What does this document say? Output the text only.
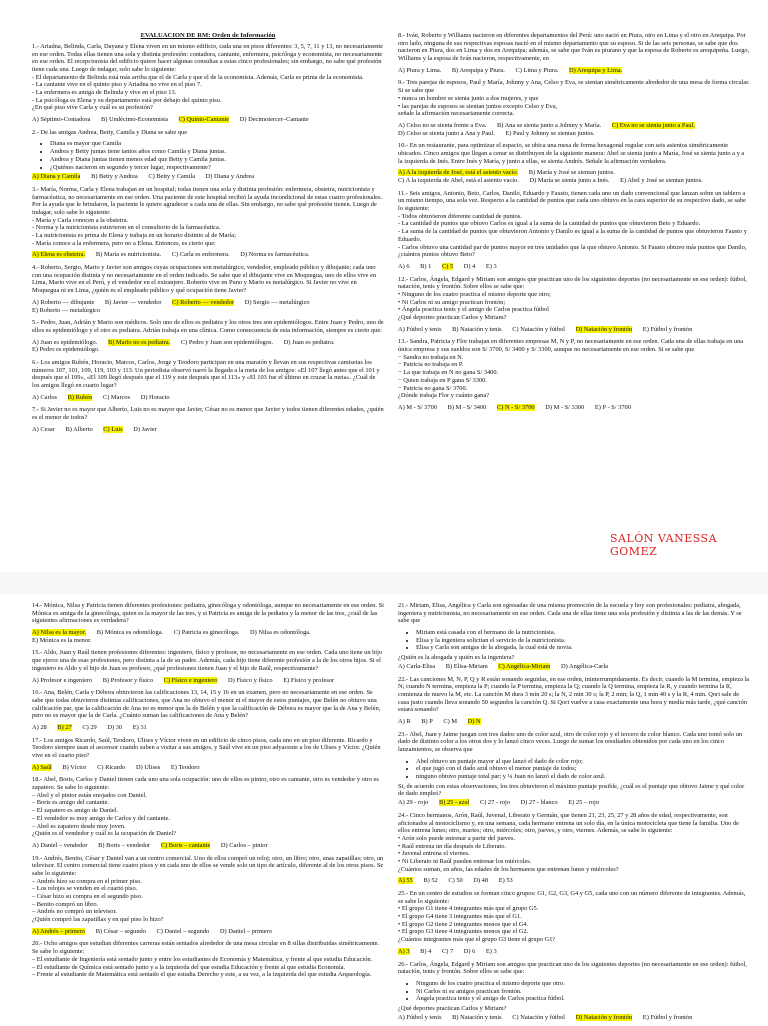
EVALUACION DE RM: Orden de Información
1.- Ariadna, Belinda, Carla, Dayana y Elena viven en un mismo edificio, cada una en pisos diferentes: 3, 5, 7, 11 y 13, no necesariamente en ese orden. Todas ellas tienen una sola y distinta profesión: contadora, cantante, enfermera, psicóloga y economista, no necesariamente en ese orden. El recepcionista del edificio quiere hacer algunas consultas a estas cinco profesionales; sin embargo, no sabe qué profesión tiene cada una. Luego de indagar, solo sabe lo siguiente:
- El departamento de Belinda está más arriba que el de Carla y que el de la economista. Además, Carla es prima de la economista.
- La cantante vive en el quinto piso y Ariadna no vive en el piso 7.
- La enfermera es amiga de Belinda y vive en el piso 13.
- La psicóloga es Elena y su departamento está por debajo del quinto piso.
¿En qué piso vive Carla y cuál es su profesión?
A) Séptimo-Contadora B) Undécimo-Economista C) Quinto-Cantante D) Decimotercer–Cantante
2.- De las amigas Andrea, Betty, Camila y Diana se sabe que
• Diana es mayor que Camila
• Andrea y Betty juntas tiene tantos años como Camila y Diana juntas.
• Andrea y Diana juntas tienen menos edad que Betty y Camila juntas.
• ¿Quiénes nacieron en segundo y tercer lugar, respectivamente?
A) Diana y Camila B) Betty y Andrea C) Betty y Camila D) Diana y Andrea
3.- María, Norma, Carla y Elena trabajan en un hospital; todas tienen una sola y distinta profesión: enfermera, obstetra, nutricionista y farmacéutica, no necesariamente en ese orden. Una paciente de este hospital recibió la ayuda incondicional de estas cuatro profesionales. Por la ayuda que le brindaron, la paciente le quiere agradecer a cada una de ellas. Sin embargo, no sabe qué profesión tienen. Luego de indagar, solo sabe lo siguiente:
- María y Carla conocen a la obstetra.
- Norma y la nutricionista estuvieron en el consultorio de la farmacéutica.
- La nutricionista es prima de Elena y trabaja en un horario distinto al de María;
- María conoce a la enfermera, pero no a Elena. Entonces, es cierto que:
A) Elena es obstetra. B) María es nutricionista. C) Carla es enfermera. D) Norma es farmacéutica.
4.- Roberto, Sergio, Mario y Javier son amigos cuyas ocupaciones son metalúrgico, vendedor, empleado público y dibujante; cada uno con una ocupación distinta y no necesariamente en el orden indicado. Se sabe que el dibujante vive en Moquegua, uno de ellos vive en Lima, Mario vive en el Perú, y el vendedor en el extranjero. Roberto vive en Puno y Mario es metalúrgico. Si Javier no vive en Moquegua ni en Lima, ¿quién es el empleado público y qué ocupación tiene Javier?
A) Roberto — dibujante B) Javier — vendedor C) Roberto — vendedor D) Sergio — metalúrgico E) Roberto — metalúrgico
5.- Pedro, Juan, Adrián y Mario son médicos. Solo uno de ellos es pediatra y los otros tres son epidemiólogos. Entre Juan y Pedro, uno de ellos es epidemiólogo y el otro es pediatra. Adrián trabaja en una clínica. Como consecuencia de esta información, siempre es cierto que:
A) Juan es epidemiólogo. B) Mario no es pediatra. C) Pedro y Juan son epidemiólogos. D) Juan es pediatra. E) Pedro es epidemiólogo.
6.- Los amigos Rubén, Horacio, Marcos, Carlos, Jorge y Teodoro participan en una maratón y llevan en sus respectivas camisetas los números 107, 101, 109, 119, 103 y 113. Un periodista observó narró la llegada a la meta de los amigos: «El 107 llegó antes que el 101 y después que el 109», «El 109 llegó después que el 119 y este después que el 113» y «El 103 fue el último en cruzar la meta». ¿Cuál de los amigos llegó en cuarto lugar?
A) Carlos B) Rubén C) Marcos D) Horacio
7.- Si Javier no es mayor que Alberto, Luis no es mayor que Javier, César no es menor que Javier y todos tienen diferentes edades, ¿quién es el menor de todos?
A) Cesar B) Alberto C) Luis D) Javier
8.- Iván, Roberto y Williams nacieron en diferentes departamentos del Perú: uno nació en Piura, otro en Lima y el otro en Arequipa. Por otro lado, ninguna de sus respectivas esposas nació en el mismo departamento que su esposo. Si de las seis personas, se sabe que dos nacieron en Piura, dos en Lima y dos en Arequipa; además, se sabe que Iván es piurano y que la esposa de Roberto es arequipeña. Luego, Williams y la esposa de Iván nacieron, respectivamente, en
A) Piura y Lima. B) Arequipa y Piura. C) Lima y Piura. D) Arequipa y Lima.
9.- Tres parejas de esposos, Paul y María, Johnny y Ana, Celso y Eva, se sientan simétricamente alrededor de una mesa de forma circular. Si se sabe que
• nunca un hombre se sienta junto a dos mujeres, y que
• las parejas de esposos se sientan juntos excepto Celso y Eva,
señale la afirmación necesariamente correcta.
A) Celso no se sienta frente a Eva. B) Ana se sienta junto a Johnny y María. C) Eva no se sienta junto a Paul. D) Celso se sienta junto a Ana y Paul. E) Paul y Johnny se sientan juntos.
10.- En un restaurante, para optimizar el espacio, se ubica una mesa de forma hexagonal regular con seis asientos simétricamente ubicados. Cinco amigos que llegan a cenar se distribuyen de la siguiente manera: Abel se sienta junto a María, José se sienta junto a y a la izquierda de Inés. Entre Inés y María, y junto a ellas, se sienta Andrés. Señale la afirmación verdadera.
A) A la izquierda de José, está el asiento vacío. B) María y José se sientan juntos. C) A la izquierda de Abel, está el asiento vacío. D) María se sienta junto a Inés. E) Abel y José se sientan juntos.
11.- Seis amigos, Antonio, Beto, Carlos, Danilo, Eduardo y Fausto, tienen cada uno un dado convencional que lanzan sobre un tablero a un mismo tiempo, una sola vez. Respecto a la cantidad de puntos que cada uno obtuvo en la cara superior de su respectivo dado, se sabe lo siguiente:
- Todos obtuvieron diferente cantidad de puntos.
- La cantidad de puntos que obtuvo Carlos es igual a la suma de la cantidad de puntos que obtuvieron Beto y Eduardo.
- La suma de la cantidad de puntos que obtuvieron Antonio y Danilo es igual a la suma de la cantidad de puntos que obtuvieron Fausto y Eduardo.
- Carlos obtuvo una cantidad par de puntos mayor en tres unidades que la que obtuvo Antonio. Si Fausto obtuvo más puntos que Danilo, ¿cuántos puntos obtuvo Beto?
A) 6 B) 1 C) 5 D) 4 E) 3
12.- Carlos, Ángela, Edgard y Miriam son amigos que practican uno de los siguientes deportes (no necesariamente en ese orden): fútbol, natación, tenis y frontón. Sobre ellos se sabe que:
• Ninguno de los cuatro practica el mismo deporte que otro;
• Ni Carlos ni su amigo practican frontón;
• Ángela practica tenis y el amigo de Carlos practica fútbol
¿Qué deportes practican Carlos y Miriam?
A) Fútbol y tenis B) Natación y tenis C) Natación y fútbol D) Natación y frontón E) Fútbol y frontón
13.- Sandra, Patricia y Flor trabajan en diferentes empresas M, N y P, no necesariamente en ese orden. Cada una de ellas trabaja en una única empresa y sus sueldos son S/ 3700, S/ 3400 y S/ 3300, aunque no necesariamente en ese orden. Si se sabe que
− Sandra no trabaja en N.
− Patricia no trabaja en P.
− La que trabaja en N no gana S/ 3400.
− Quien trabaja en P gana S/ 3300.
− Patricia no gana S/ 3700.
¿Dónde trabaja Flor y cuánto gana?
A) M - S/ 3700 B) M - S/ 3400 C) N - S/ 3700 D) M - S/ 3300 E) P - S/ 3700
SALÓN VANESSA GOMEZ
14.- Mónica, Nilsa y Patricia tienen diferentes profesiones: pediatra, ginecóloga y odontóloga, aunque no necesariamente en ese orden. Si Mónica es amiga de la ginecóloga, quien es la mayor de las tres, y si Patricia es amiga de la pediatra y la menor de las tres, ¿cuál de las siguientes afirmaciones es verdadera?
A) Nilsa es la mayor. B) Mónica es odontóloga. C) Patricia es ginecóloga. D) Nilsa es odontóloga. E) Mónica es la menor.
15.- Aldo, Juan y Raúl tienen profesiones diferentes: ingeniero, físico y profesor, no necesariamente en ese orden. Cada uno tiene un hijo que ejerce una de esas profesiones, pero distinta a la de su padre. Además, cada hijo tiene diferente profesión a la de los otros hijos. Si el ingeniero es Aldo y el hijo de Juan es profesor, ¿qué profesiones tienen Juan y el hijo de Raúl, respectivamente?
A) Profesor e ingeniero B) Profesor y físico C) Físico e ingeniero D) Físico y físico E) Físico y profesor
16.- Ana, Belén, Carla y Débora obtuvieron las calificaciones 13, 14, 15 y 16 en un examen, pero no necesariamente en ese orden. Se sabe que todas obtuvieron distintas calificaciones, que Ana no obtuvo el menor ni el mayor de estos puntajes, que Belén no obtuvo una calificación par, que la calificación de Ana no es menor que la de Belén y que la calificación de Débora es mayor que la de Ana y Belén, pero no es mayor que la de Carla. ¿Cuánto suman las calificaciones de Ana y Belén?
A) 28 B) 27 C) 29 D) 30 E) 31
17.- Los amigos Ricardo, Saúl, Teodoro, Ulises y Víctor viven en un edificio de cinco pisos, cada uno en un piso diferente. Ricardo y Teodoro siempre usan el ascensor cuando suben a visitar a sus amigos, y Saúl vive en un piso adyacente a los de Ulises y Víctor. ¿Quién vive en el cuarto piso?
A) Saúl B) Víctor C) Ricardo D) Ulises E) Teodoro
18.- Abel, Boris, Carlos y Daniel tienen cada uno una sola ocupación: uno de ellos es pintor, otro es cantante, otro es vendedor y otro es zapatero. Se sabe lo siguiente:
– Abel y el pintor están enojados con Daniel.
– Boris es amigo del cantante.
– El zapatero es amigo de Daniel.
– El vendedor es muy amigo de Carlos y del cantante.
– Abel es zapatero desde muy joven.
¿Quién es el vendedor y cuál es la ocupación de Daniel?
A) Daniel – vendedor B) Boris – vendedor C) Boris – cantante D) Carlos – pintor
19.- Andrés, Benito, César y Daniel van a un centro comercial. Uno de ellos compró un reloj; otro, un libro; otro, unas zapatillas; otro, un televisor. El centro comercial tiene cuatro pisos y en cada uno de ellos se vende solo un tipo de artículo, diferente al de los otros pisos. Se sabe lo siguiente:
– Andrés hizo su compra en el primer piso.
– Los relojes se venden en el cuarto piso.
– César hizo su compra en el segundo piso.
– Benito compró un libro.
– Andrés no compró un televisor.
¿Quién compró las zapatillas y en qué piso lo hizo?
A) Andrés – primero B) César – segundo C) Daniel – segundo D) Daniel – primero
20.- Ocho amigos que estudian diferentes carreras están sentados alrededor de una mesa circular en 8 sillas distribuidas simétricamente. Se sabe lo siguiente:
– El estudiante de Ingeniería está sentado junto y entre los estudiantes de Economía y Matemática, y frente al que estudia Educación.
– El estudiante de Química está sentado junto y a la izquierda del que estudia Educación y frente al que estudia Economía.
– Frente al estudiante de Matemática está sentado el que estudia Derecho y este, a su vez, a la izquierda del que estudia Arqueología.
21.- Miriam, Elisa, Angélica y Carla son egresadas de una misma promoción de la escuela y hoy son profesionales: pediatra, abogada, ingeniera y nutricionista, no necesariamente en ese orden. Cada una de ellas tiene una sola profesión y distinta a las de las demás. Y se sabe que
• Miriam está casada con el hermano de la nutricionista.
• Elisa y la ingeniera solicitan el servicio de la nutricionista.
• Elisa y Carla son amigas de la abogada, la cual está de novia.
¿Quién es la abogada y quién es la ingeniera?
A) Carla-Elisa B) Elisa-Miriam C) Angélica-Miriam D) Angélica-Carla
22.- Las canciones M, N, P, Q y R están sonando seguidas, en ese orden, ininterrumpidamente. Es decir, cuando la M termina, empieza la N; cuando N termina, empieza la P; cuando la P termina, empieza la Q; cuando la Q termina, empieza la R, y cuando termina la R, comienza de nuevo la M, etc. La canción M dura 3 min 20 s; la N, 2 min 30 s; la P, 2 min; la Q, 1 min 40 s y la R, 4 min. Qori sale de casa justo cuando lleva sonando 50 segundos la canción Q. Si Qori vuelve a casa exactamente una hora y media más tarde, ¿qué canción estará sonando?
A) R B) P C) M D) N
23.- Abel, Juan y Jaime juegan con tres dados uno de color azul, otro de color rojo y el tercero de color blanco. Cada uno tomó solo un dado de distinto color a los otros dos y lo lanzó cinco veces. Luego de sumar los resultados obtenidos por cada uno en los cinco lanzamientos, se observa que
• Abel obtuvo un puntaje mayor al que lanzó el dado de color rojo;
• el que jugó con el dado azul obtuvo el menor puntaje de todos;
• ninguno obtuvo puntaje total par; y ¼ Juan no lanzó el dado de color azul.
Si, de acuerdo con estas observaciones, los tres obtuvieron el máximo puntaje posible, ¿cuál es el puntaje que obtuvo Jaime y qué color de dado empleó?
A) 29 - rojo B) 25 - azul C) 27 - rojo D) 27 - blanco E) 25 – rojo
24.- Cinco hermanos, Arón, Raúl, Juvenal, Liberato y Germán, que tienen 21, 23, 25, 27 y 28 años de edad, respectivamente, son aficionados al motociclismo y, en una semana, cada hermano entrena un solo día, en la única motocicleta que tiene la familia. Uno de ellos entrena lunes; otro, martes; otro, miércoles; otro, jueves, y otro, viernes. Además, se sabe lo siguiente:
• Arón solo puede entrenar a partir del jueves.
• Raúl entrena un día después de Liberato.
• Juvenal entrena el viernes.
• Ni Liberato ni Raúl pueden entrenar los miércoles.
¿Cuántos suman, en años, las edades de los hermanos que entrenan lunes y miércoles?
A) 55 B) 52 C) 50 D) 48 E) 53
25.- En un centro de estudios se forman cinco grupos: G1, G2, G3, G4 y G5, cada uno con un número diferente de integrantes. Además, se sabe lo siguiente:
• El grupo G1 tiene 4 integrantes más que el grupo G5.
• El grupo G4 tiene 3 integrantes más que el G1.
• El grupo G2 tiene 2 integrantes menos que el G4.
• El grupo G3 tiene 4 integrantes menos que el G2.
¿Cuántos integrantes más que el grupo G3 tiene el grupo G1?
A) 3 B) 4 C) 7 D) 6 E) 3
26.- Carlos, Ángela, Edgard y Miriam son amigos que practican uno de los siguientes deportes (no necesariamente en ese orden): fútbol, natación, tenis y frontón. Sobre ellos se sabe que:
• Ninguno de los cuatro practica el mismo deporte que otro.
• Ni Carlos ni su amigos practican frontón.
• Ángela practica tenis y el amigo de Carlos practica fútbol.
¿Qué deportes practican Carlos y Miriam?
A) Fútbol y tenis B) Natación y tenis C) Natación y fútbol D) Natación y frontón E) Fútbol y frontón
